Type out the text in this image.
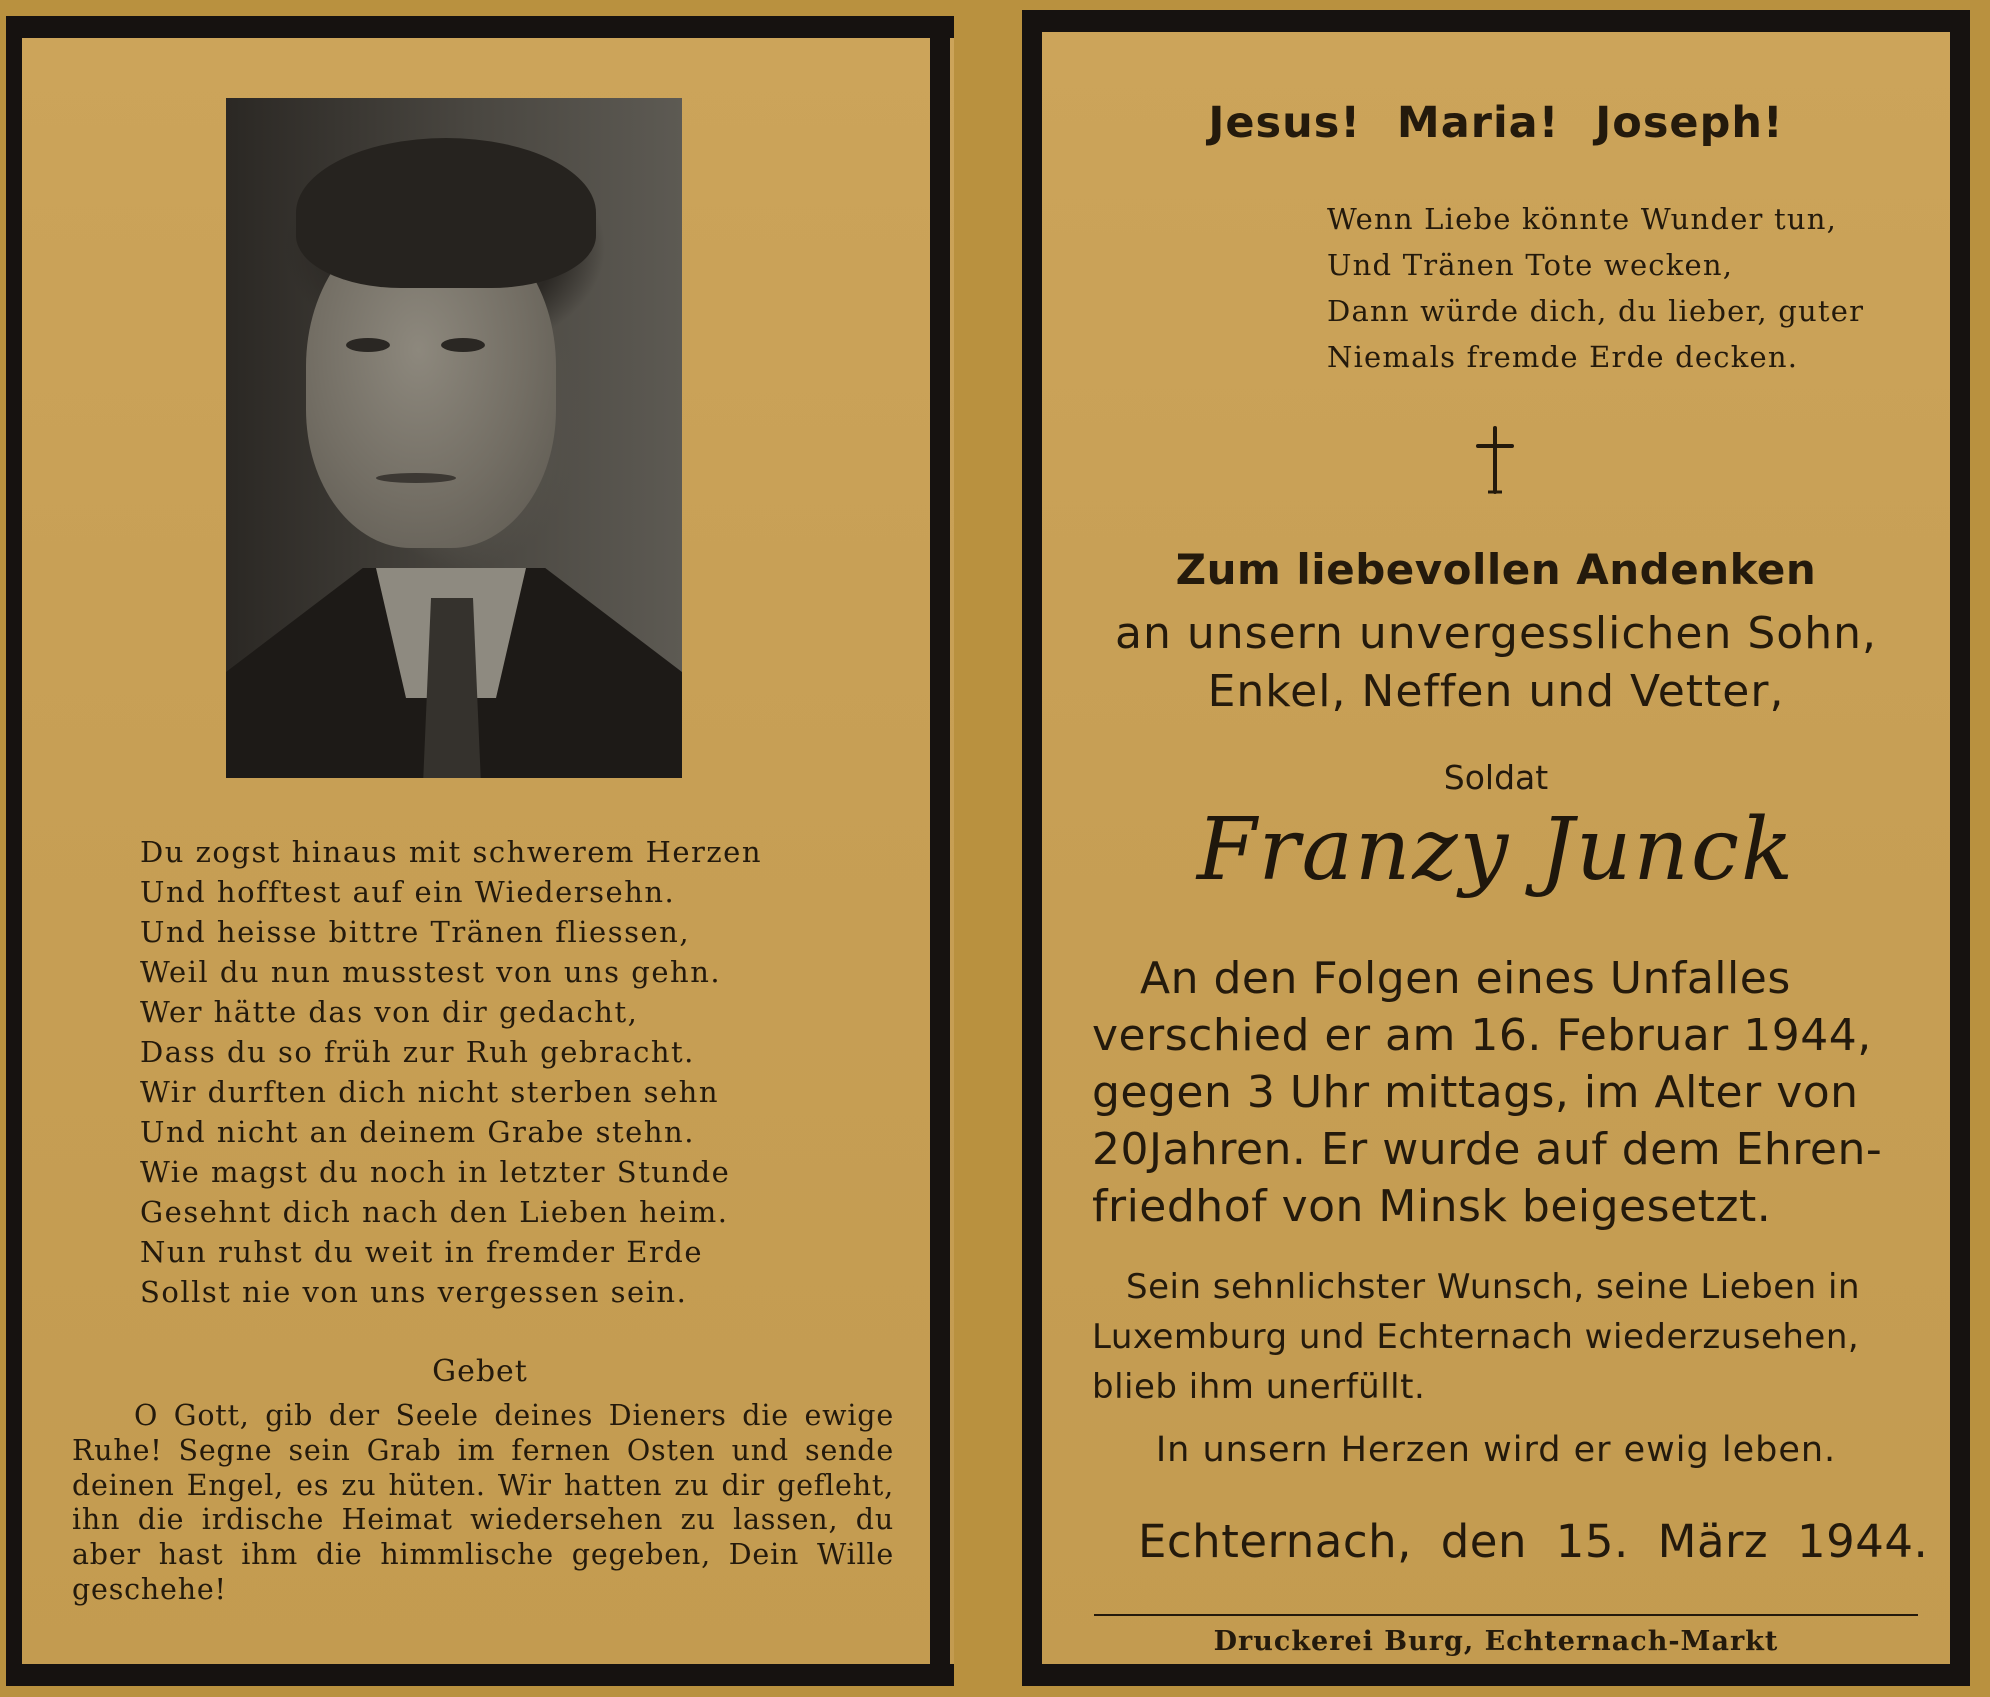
Du zogst hinaus mit schwerem Herzen
Und hofftest auf ein Wiedersehn.
Und heisse bittre Tränen fliessen,
Weil du nun musstest von uns gehn.
Wer hätte das von dir gedacht,
Dass du so früh zur Ruh gebracht.
Wir durften dich nicht sterben sehn
Und nicht an deinem Grabe stehn.
Wie magst du noch in letzter Stunde
Gesehnt dich nach den Lieben heim.
Nun ruhst du weit in fremder Erde
Sollst nie von uns vergessen sein.
Gebet
O Gott, gib der Seele deines Dieners die ewige Ruhe! Segne sein Grab im fernen Osten und sende deinen Engel, es zu hüten. Wir hatten zu dir gefleht, ihn die irdische Heimat wiedersehen zu lassen, du aber hast ihm die himmlische gegeben, Dein Wille geschehe!
Jesus! Maria! Joseph!
Wenn Liebe könnte Wunder tun,
Und Tränen Tote wecken,
Dann würde dich, du lieber, guter
Niemals fremde Erde decken.
Zum liebevollen Andenken
an unsern unvergesslichen Sohn,
Enkel, Neffen und Vetter,
Soldat
Franzy Junck
An den Folgen eines Unfalles
verschied er am 16. Februar 1944,
gegen 3 Uhr mittags, im Alter von
20Jahren. Er wurde auf dem Ehren-
friedhof von Minsk beigesetzt.
Sein sehnlichster Wunsch, seine Lieben in
Luxemburg und Echternach wiederzusehen,
blieb ihm unerfüllt.
In unsern Herzen wird er ewig leben.
Echternach, den 15. März 1944.
Druckerei Burg, Echternach-Markt
